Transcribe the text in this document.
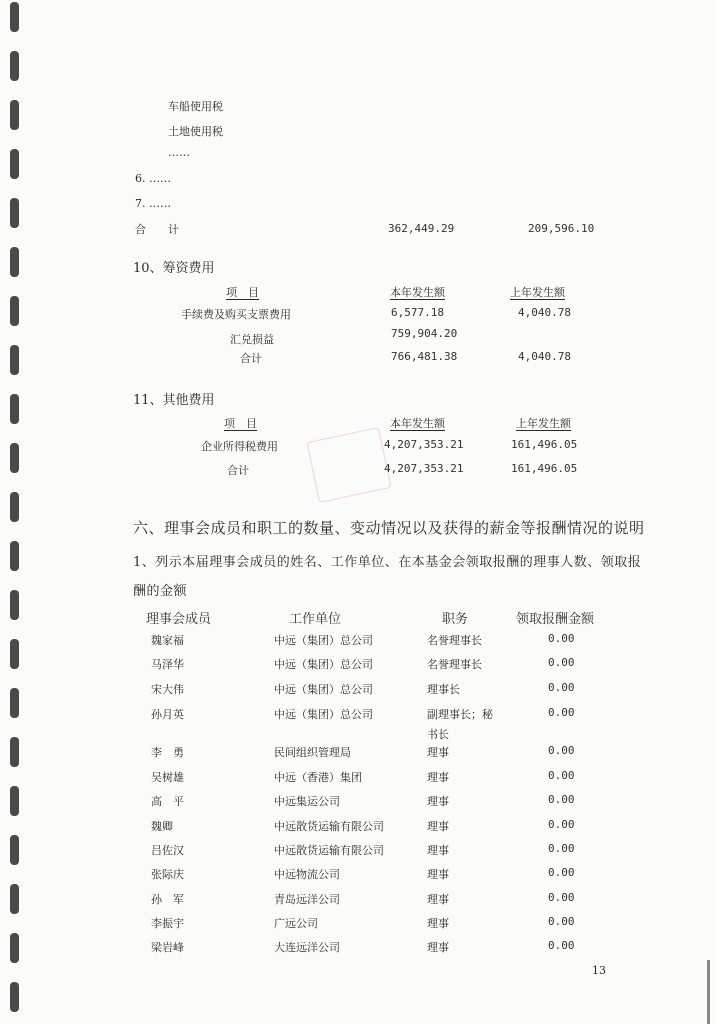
车船使用税
土地使用税
……
6. ……
7. ……
合　　计	362,449.29	209,596.10
10、筹资费用
项　目	本年发生额	上年发生额
手续费及购买支票费用	6,577.18	4,040.78
汇兑损益	759,904.20
合计	766,481.38	4,040.78
11、其他费用
项　目	本年发生额	上年发生额
企业所得税费用	4,207,353.21	161,496.05
合计	4,207,353.21	161,496.05
六、理事会成员和职工的数量、变动情况以及获得的薪金等报酬情况的说明
1、列示本届理事会成员的姓名、工作单位、在本基金会领取报酬的理事人数、领取报
酬的金额
理事会成员	工作单位	职务	领取报酬金额
魏家福	中远（集团）总公司	名誉理事长	0.00
马泽华	中远（集团）总公司	名誉理事长	0.00
宋大伟	中远（集团）总公司	理事长	0.00
孙月英	中远（集团）总公司	副理事长；秘	0.00
书长
李　勇	民间组织管理局	理事	0.00
吴树雄	中远（香港）集团	理事	0.00
高　平	中远集运公司	理事	0.00
魏卿	中远散货运输有限公司	理事	0.00
吕佐汉	中远散货运输有限公司	理事	0.00
张际庆	中远物流公司	理事	0.00
孙　军	青岛远洋公司	理事	0.00
李振宇	广远公司	理事	0.00
梁岩峰	大连远洋公司	理事	0.00
13
